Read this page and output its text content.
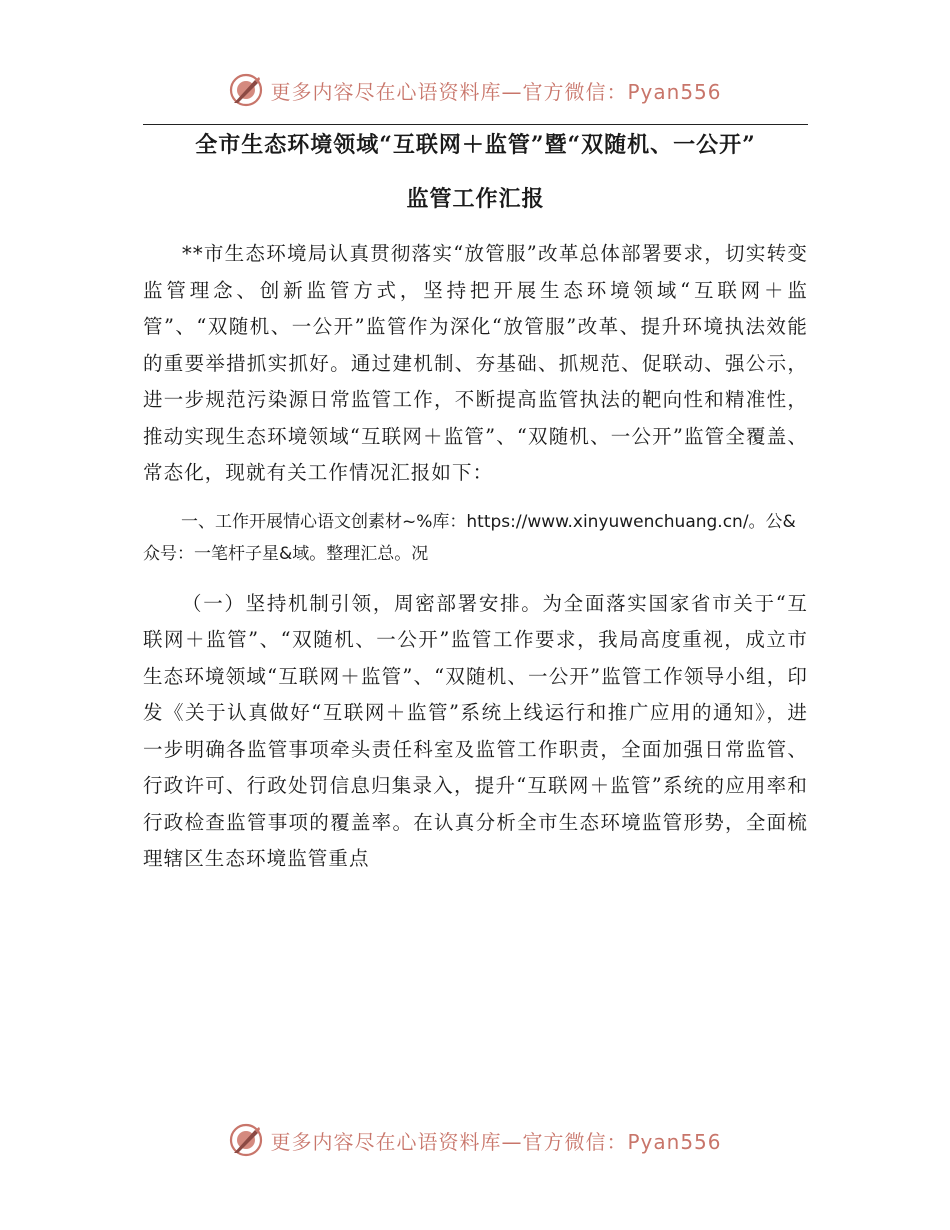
更多内容尽在心语资料库—官方微信：Pyan556
全市生态环境领域“互联网＋监管”暨“双随机、一公开”
监管工作汇报

**市生态环境局认真贯彻落实“放管服”改革总体部署要求，切实转变监管理念、创新监管方式，坚持把开展生态环境领域“互联网＋监管”、“双随机、一公开”监管作为深化“放管服”改革、提升环境执法效能的重要举措抓实抓好。通过建机制、夯基础、抓规范、促联动、强公示，进一步规范污染源日常监管工作，不断提高监管执法的靶向性和精准性，推动实现生态环境领域“互联网＋监管”、“双随机、一公开”监管全覆盖、常态化，现就有关工作情况汇报如下：

一、工作开展情心语文创素材~%库：https://www.xinyuwenchuang.cn/。公&
众号：一笔杆子星&域。整理汇总。况

（一）坚持机制引领，周密部署安排。为全面落实国家省市关于“互联网＋监管”、“双随机、一公开”监管工作要求，我局高度重视，成立市生态环境领域“互联网＋监管”、“双随机、一公开”监管工作领导小组，印发《关于认真做好“互联网＋监管”系统上线运行和推广应用的通知》，进一步明确各监管事项牵头责任科室及监管工作职责，全面加强日常监管、行政许可、行政处罚信息归集录入，提升“互联网＋监管”系统的应用率和行政检查监管事项的覆盖率。在认真分析全市生态环境监管形势，全面梳理辖区生态环境监管重点

更多内容尽在心语资料库—官方微信：Pyan556
